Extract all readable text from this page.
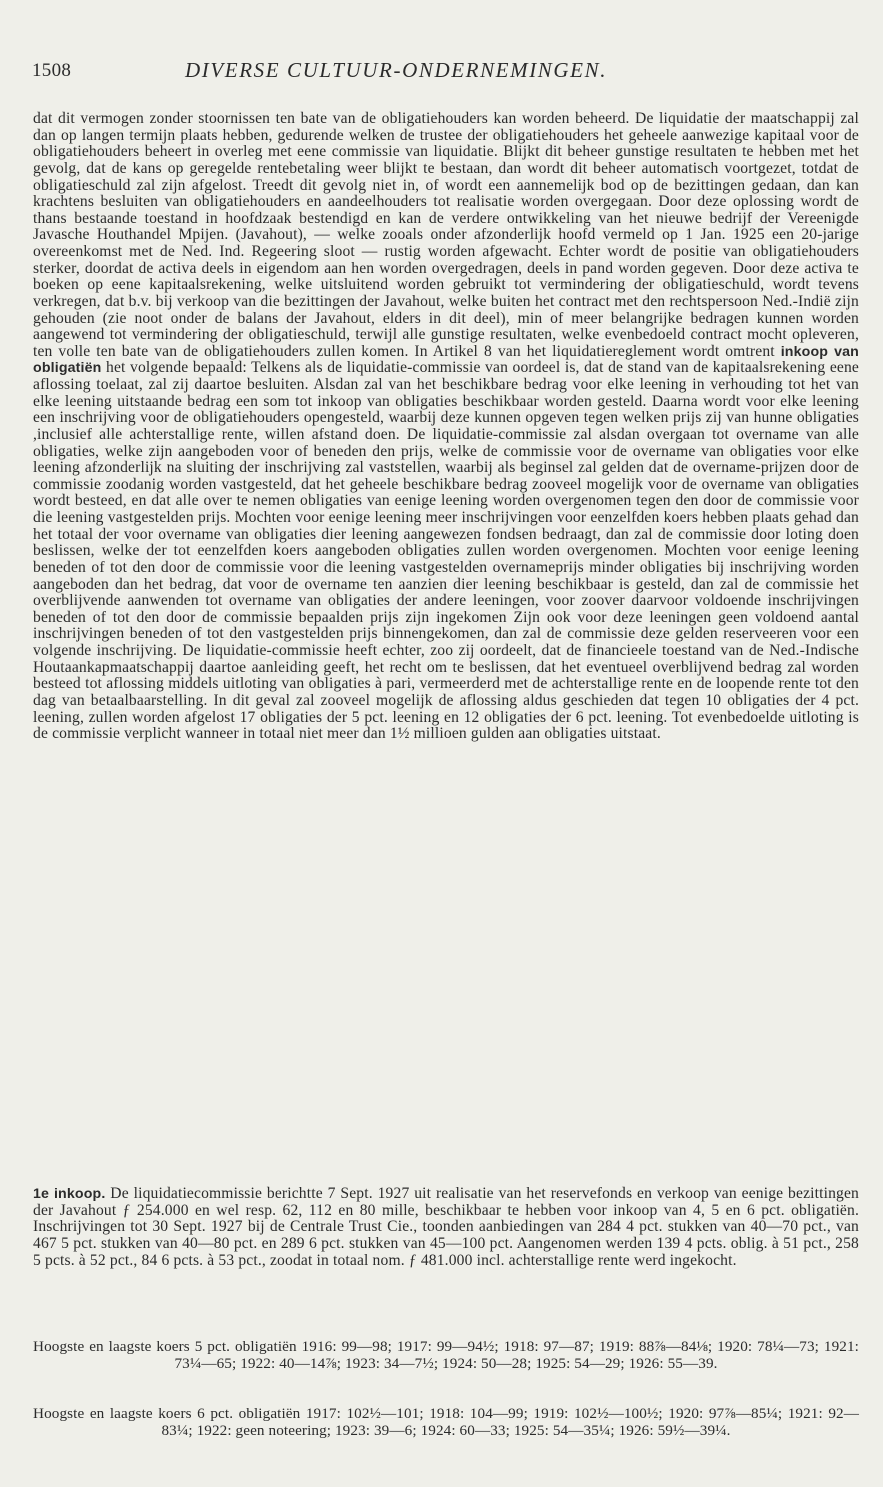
1508	DIVERSE CULTUUR-ONDERNEMINGEN.

dat dit vermogen zonder stoornissen ten bate van de obligatiehouders kan worden beheerd. De liquidatie der maatschappij zal dan op langen termijn plaats hebben, gedurende welken de trustee der obligatiehouders het geheele aanwezige kapitaal voor de obligatiehouders beheert in overleg met eene commissie van liquidatie. Blijkt dit beheer gunstige resultaten te hebben met het gevolg, dat de kans op geregelde rentebetaling weer blijkt te bestaan, dan wordt dit beheer automatisch voortgezet, totdat de obligatieschuld zal zijn afgelost. Treedt dit gevolg niet in, of wordt een aannemelijk bod op de bezittingen gedaan, dan kan krachtens besluiten van obligatiehouders en aandeelhouders tot realisatie worden overgegaan. Door deze oplossing wordt de thans bestaande toestand in hoofdzaak bestendigd en kan de verdere ontwikkeling van het nieuwe bedrijf der Vereenigde Javasche Houthandel Mpijen. (Javahout), — welke zooals onder afzonderlijk hoofd vermeld op 1 Jan. 1925 een 20-jarige overeenkomst met de Ned. Ind. Regeering sloot — rustig worden afgewacht. Echter wordt de positie van obligatiehouders sterker, doordat de activa deels in eigendom aan hen worden overgedragen, deels in pand worden gegeven. Door deze activa te boeken op eene kapitaalsrekening, welke uitsluitend worden gebruikt tot vermindering der obligatieschuld, wordt tevens verkregen, dat b.v. bij verkoop van die bezittingen der Javahout, welke buiten het contract met den rechtspersoon Ned.-Indië zijn gehouden (zie noot onder de balans der Javahout, elders in dit deel), min of meer belangrijke bedragen kunnen worden aangewend tot vermindering der obligatieschuld, terwijl alle gunstige resultaten, welke evenbedoeld contract mocht opleveren, ten volle ten bate van de obligatiehouders zullen komen. In Artikel 8 van het liquidatiereglement wordt omtrent inkoop van obligatiën het volgende bepaald: Telkens als de liquidatie-commissie van oordeel is, dat de stand van de kapitaalsrekening eene aflossing toelaat, zal zij daartoe besluiten. Alsdan zal van het beschikbare bedrag voor elke leening in verhouding tot het van elke leening uitstaande bedrag een som tot inkoop van obligaties beschikbaar worden gesteld. Daarna wordt voor elke leening een inschrijving voor de obligatiehouders opengesteld, waarbij deze kunnen opgeven tegen welken prijs zij van hunne obligaties ,inclusief alle achterstallige rente, willen afstand doen. De liquidatie-commissie zal alsdan overgaan tot overname van alle obligaties, welke zijn aangeboden voor of beneden den prijs, welke de commissie voor de overname van obligaties voor elke leening afzonderlijk na sluiting der inschrijving zal vaststellen, waarbij als beginsel zal gelden dat de overname-prijzen door de commissie zoodanig worden vastgesteld, dat het geheele beschikbare bedrag zooveel mogelijk voor de overname van obligaties wordt besteed, en dat alle over te nemen obligaties van eenige leening worden overgenomen tegen den door de commissie voor die leening vastgestelden prijs. Mochten voor eenige leening meer inschrijvingen voor eenzelfden koers hebben plaats gehad dan het totaal der voor overname van obligaties dier leening aangewezen fondsen bedraagt, dan zal de commissie door loting doen beslissen, welke der tot eenzelfden koers aangeboden obligaties zullen worden overgenomen. Mochten voor eenige leening beneden of tot den door de commissie voor die leening vastgestelden overnameprijs minder obligaties bij inschrijving worden aangeboden dan het bedrag, dat voor de overname ten aanzien dier leening beschikbaar is gesteld, dan zal de commissie het overblijvende aanwenden tot overname van obligaties der andere leeningen, voor zoover daarvoor voldoende inschrijvingen beneden of tot den door de commissie bepaalden prijs zijn ingekomen Zijn ook voor deze leeningen geen voldoend aantal inschrijvingen beneden of tot den vastgestelden prijs binnengekomen, dan zal de commissie deze gelden reserveeren voor een volgende inschrijving. De liquidatie-commissie heeft echter, zoo zij oordeelt, dat de financieele toestand van de Ned.-Indische Houtaankapmaatschappij daartoe aanleiding geeft, het recht om te beslissen, dat het eventueel overblijvend bedrag zal worden besteed tot aflossing middels uitloting van obligaties à pari, vermeerderd met de achterstallige rente en de loopende rente tot den dag van betaalbaarstelling. In dit geval zal zooveel mogelijk de aflossing aldus geschieden dat tegen 10 obligaties der 4 pct. leening, zullen worden afgelost 17 obligaties der 5 pct. leening en 12 obligaties der 6 pct. leening. Tot evenbedoelde uitloting is de commissie verplicht wanneer in totaal niet meer dan 1½ millioen gulden aan obligaties uitstaat.

1e inkoop. De liquidatiecommissie berichtte 7 Sept. 1927 uit realisatie van het reservefonds en verkoop van eenige bezittingen der Javahout ƒ 254.000 en wel resp. 62, 112 en 80 mille, beschikbaar te hebben voor inkoop van 4, 5 en 6 pct. obligatiën. Inschrijvingen tot 30 Sept. 1927 bij de Centrale Trust Cie., toonden aanbiedingen van 284 4 pct. stukken van 40—70 pct., van 467 5 pct. stukken van 40—80 pct. en 289 6 pct. stukken van 45—100 pct. Aangenomen werden 139 4 pcts. oblig. à 51 pct., 258 5 pcts. à 52 pct., 84 6 pcts. à 53 pct., zoodat in totaal nom. ƒ 481.000 incl. achterstallige rente werd ingekocht.

Hoogste en laagste koers 5 pct. obligatiën 1916: 99—98; 1917: 99—94½; 1918: 97—87; 1919: 88⅞—84⅛; 1920: 78¼—73; 1921: 73¼—65; 1922: 40—14⅞; 1923: 34—7½; 1924: 50—28; 1925: 54—29; 1926: 55—39.

Hoogste en laagste koers 6 pct. obligatiën 1917: 102½—101; 1918: 104—99; 1919: 102½—100½; 1920: 97⅞—85¼; 1921: 92—83¼; 1922: geen noteering; 1923: 39—6; 1924: 60—33; 1925: 54—35¼; 1926: 59½—39¼.
